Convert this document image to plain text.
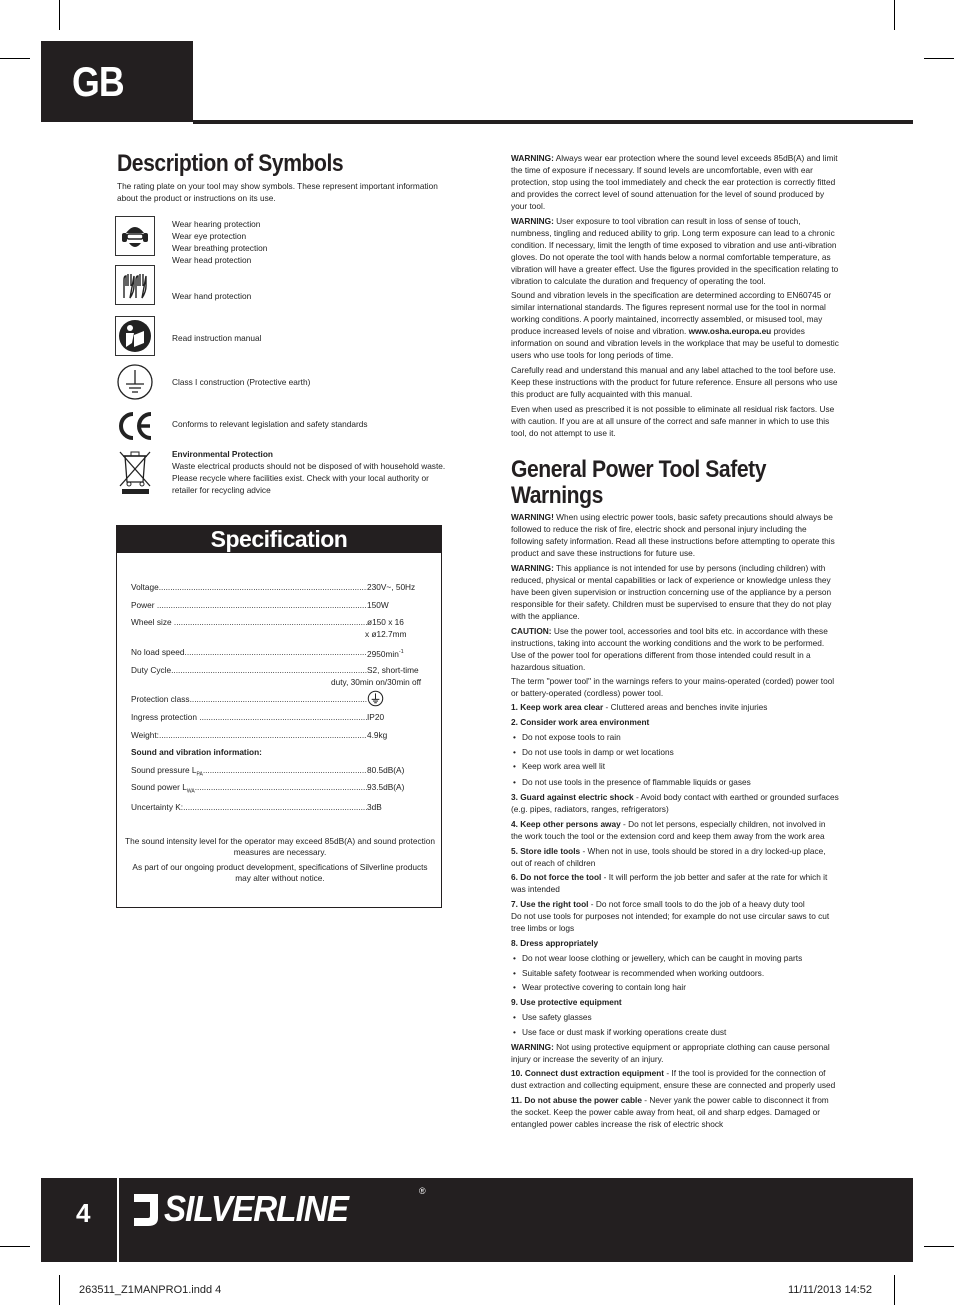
GB
Description of Symbols
The rating plate on your tool may show symbols. These represent important information about the product or instructions on its use.
Wear hearing protection
Wear eye protection
Wear breathing protection
Wear head protection
Wear hand protection
Read instruction manual
Class I construction (Protective earth)
Conforms to relevant legislation and safety standards
Environmental Protection
Waste electrical products should not be disposed of with household waste. Please recycle where facilities exist. Check with your local authority or retailer for recycling advice
Specification
Voltage .....	230V~, 50Hz
Power .....	150W
Wheel size .....	ø150 x 16
x ø12.7mm
No load speed .....	$2950\min^{-1}$
Duty Cycle .....	S2, short-time
duty, 30min on/30min off
Protection class .....
Ingress protection .....	IP20
Weight: .....	4.9kg
Sound and vibration information:
Sound pressure $L_{PA}$ .....	80.5dB(A)
Sound power $L_{WA}$ .....	93.5dB(A)
Uncertainty K: .....	3dB
The sound intensity level for the operator may exceed 85dB(A) and sound protection measures are necessary.
As part of our ongoing product development, specifications of Silverline products may alter without notice.

WARNING: Always wear ear protection where the sound level exceeds 85dB(A) and limit the time of exposure if necessary. If sound levels are uncomfortable, even with ear protection, stop using the tool immediately and check the ear protection is correctly fitted and provides the correct level of sound attenuation for the level of sound produced by your tool.

WARNING: User exposure to tool vibration can result in loss of sense of touch, numbness, tingling and reduced ability to grip. Long term exposure can lead to a chronic condition. If necessary, limit the length of time exposed to vibration and use anti-vibration gloves. Do not operate the tool with hands below a normal comfortable temperature, as vibration will have a greater effect. Use the figures provided in the specification relating to vibration to calculate the duration and frequency of operating the tool.

Sound and vibration levels in the specification are determined according to EN60745 or similar international standards. The figures represent normal use for the tool in normal working conditions. A poorly maintained, incorrectly assembled, or misused tool, may produce increased levels of noise and vibration. www.osha.europa.eu provides information on sound and vibration levels in the workplace that may be useful to domestic users who use tools for long periods of time.

Carefully read and understand this manual and any label attached to the tool before use. Keep these instructions with the product for future reference. Ensure all persons who use this product are fully acquainted with this manual.
Even when used as prescribed it is not possible to eliminate all residual risk factors. Use with caution. If you are at all unsure of the correct and safe manner in which to use this tool, do not attempt to use it.
General Power Tool Safety
Warnings

WARNING! When using electric power tools, basic safety precautions should always be followed to reduce the risk of fire, electric shock and personal injury including the following safety information. Read all these instructions before attempting to operate this product and save these instructions for future use.

WARNING: This appliance is not intended for use by persons (including children) with reduced, physical or mental capabilities or lack of experience or knowledge unless they have been given supervision or instruction concerning use of the appliance by a person responsible for their safety. Children must be supervised to ensure that they do not play with the appliance.

CAUTION: Use the power tool, accessories and tool bits etc. in accordance with these instructions, taking into account the working conditions and the work to be performed. Use of the power tool for operations different from those intended could result in a hazardous situation.

The term ''power tool'' in the warnings refers to your mains-operated (corded) power tool or battery-operated (cordless) power tool.

1. Keep work area clear - Cluttered areas and benches invite injuries

2. Consider work area environment
• Do not expose tools to rain
• Do not use tools in damp or wet locations
• Keep work area well lit
• Do not use tools in the presence of flammable liquids or gases

3. Guard against electric shock - Avoid body contact with earthed or grounded surfaces (e.g. pipes, radiators, ranges, refrigerators)

4. Keep other persons away - Do not let persons, especially children, not involved in the work touch the tool or the extension cord and keep them away from the work area

5. Store idle tools - When not in use, tools should be stored in a dry locked-up place, out of reach of children

6. Do not force the tool - It will perform the job better and safer at the rate for which it was intended

7. Use the right tool - Do not force small tools to do the job of a heavy duty tool

Do not use tools for purposes not intended; for example do not use circular saws to cut tree limbs or logs

8. Dress appropriately
• Do not wear loose clothing or jewellery, which can be caught in moving parts
• Suitable safety footwear is recommended when working outdoors.
• Wear protective covering to contain long hair
9. Use protective equipment
• Use safety glasses
• Use face or dust mask if working operations create dust

WARNING: Not using protective equipment or appropriate clothing can cause personal injury or increase the severity of an injury.

10. Connect dust extraction equipment - If the tool is provided for the connection of dust extraction and collecting equipment, ensure these are connected and properly used

11. Do not abuse the power cable - Never yank the power cable to disconnect it from the socket. Keep the power cable away from heat, oil and sharp edges. Damaged or entangled power cables increase the risk of electric shock

4 SILVERLINE	®
263511_Z1MANPRO1.indd 4	11/11/2013 14:52
